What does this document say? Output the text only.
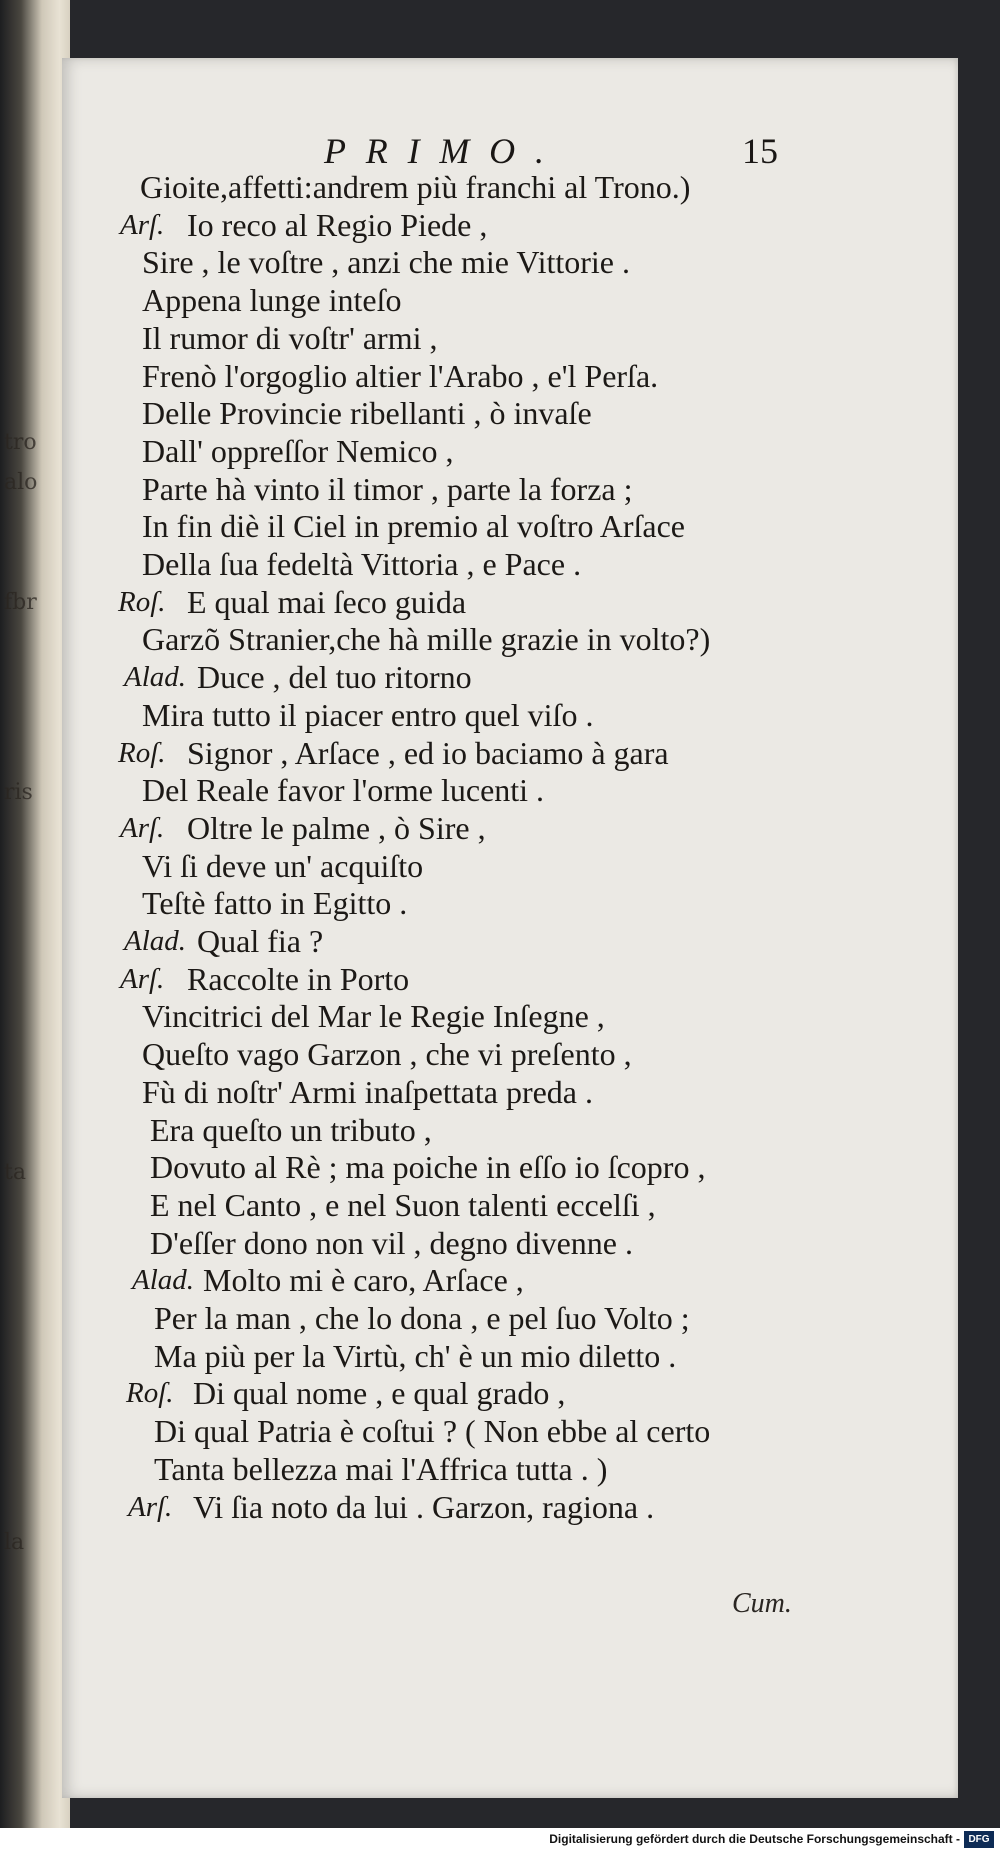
tro
alo
fbr
ris
ta
la
PRIMO.	15
Gioite,affetti:andrem più franchi al Trono.)
Arſ. Io reco al Regio Piede ,
Sire , le voſtre , anzi che mie Vittorie .
Appena lunge inteſo
Il rumor di voſtr' armi ,
Frenò l'orgoglio altier l'Arabo , e'l Perſa.
Delle Provincie ribellanti , ò invaſe
Dall' oppreſſor Nemico ,
Parte hà vinto il timor , parte la forza ;
In fin diè il Ciel in premio al voſtro Arſace
Della ſua fedeltà Vittoria , e Pace .
Roſ. E qual mai ſeco guida
Garzõ Stranier,che hà mille grazie in volto?)
Alad. Duce , del tuo ritorno
Mira tutto il piacer entro quel viſo .
Roſ. Signor , Arſace , ed io baciamo à gara
Del Reale favor l'orme lucenti .
Arſ. Oltre le palme , ò Sire ,
Vi ſi deve un' acquiſto
Teſtè fatto in Egitto .
Alad. Qual fia ?
Arſ. Raccolte in Porto
Vincitrici del Mar le Regie Inſegne ,
Queſto vago Garzon , che vi preſento ,
Fù di noſtr' Armi inaſpettata preda .
Era queſto un tributo ,
Dovuto al Rè ; ma poiche in eſſo io ſcopro ,
E nel Canto , e nel Suon talenti eccelſi ,
D'eſſer dono non vil , degno divenne .
Alad. Molto mi è caro, Arſace ,
Per la man , che lo dona , e pel ſuo Volto ;
Ma più per la Virtù, ch' è un mio diletto .
Roſ. Di qual nome , e qual grado ,
Di qual Patria è coſtui ? ( Non ebbe al certo
Tanta bellezza mai l'Affrica tutta . )
Arſ. Vi ſia noto da lui . Garzon, ragiona .
Cum.
Digitalisierung gefördert durch die Deutsche Forschungsgemeinschaft - DFG
